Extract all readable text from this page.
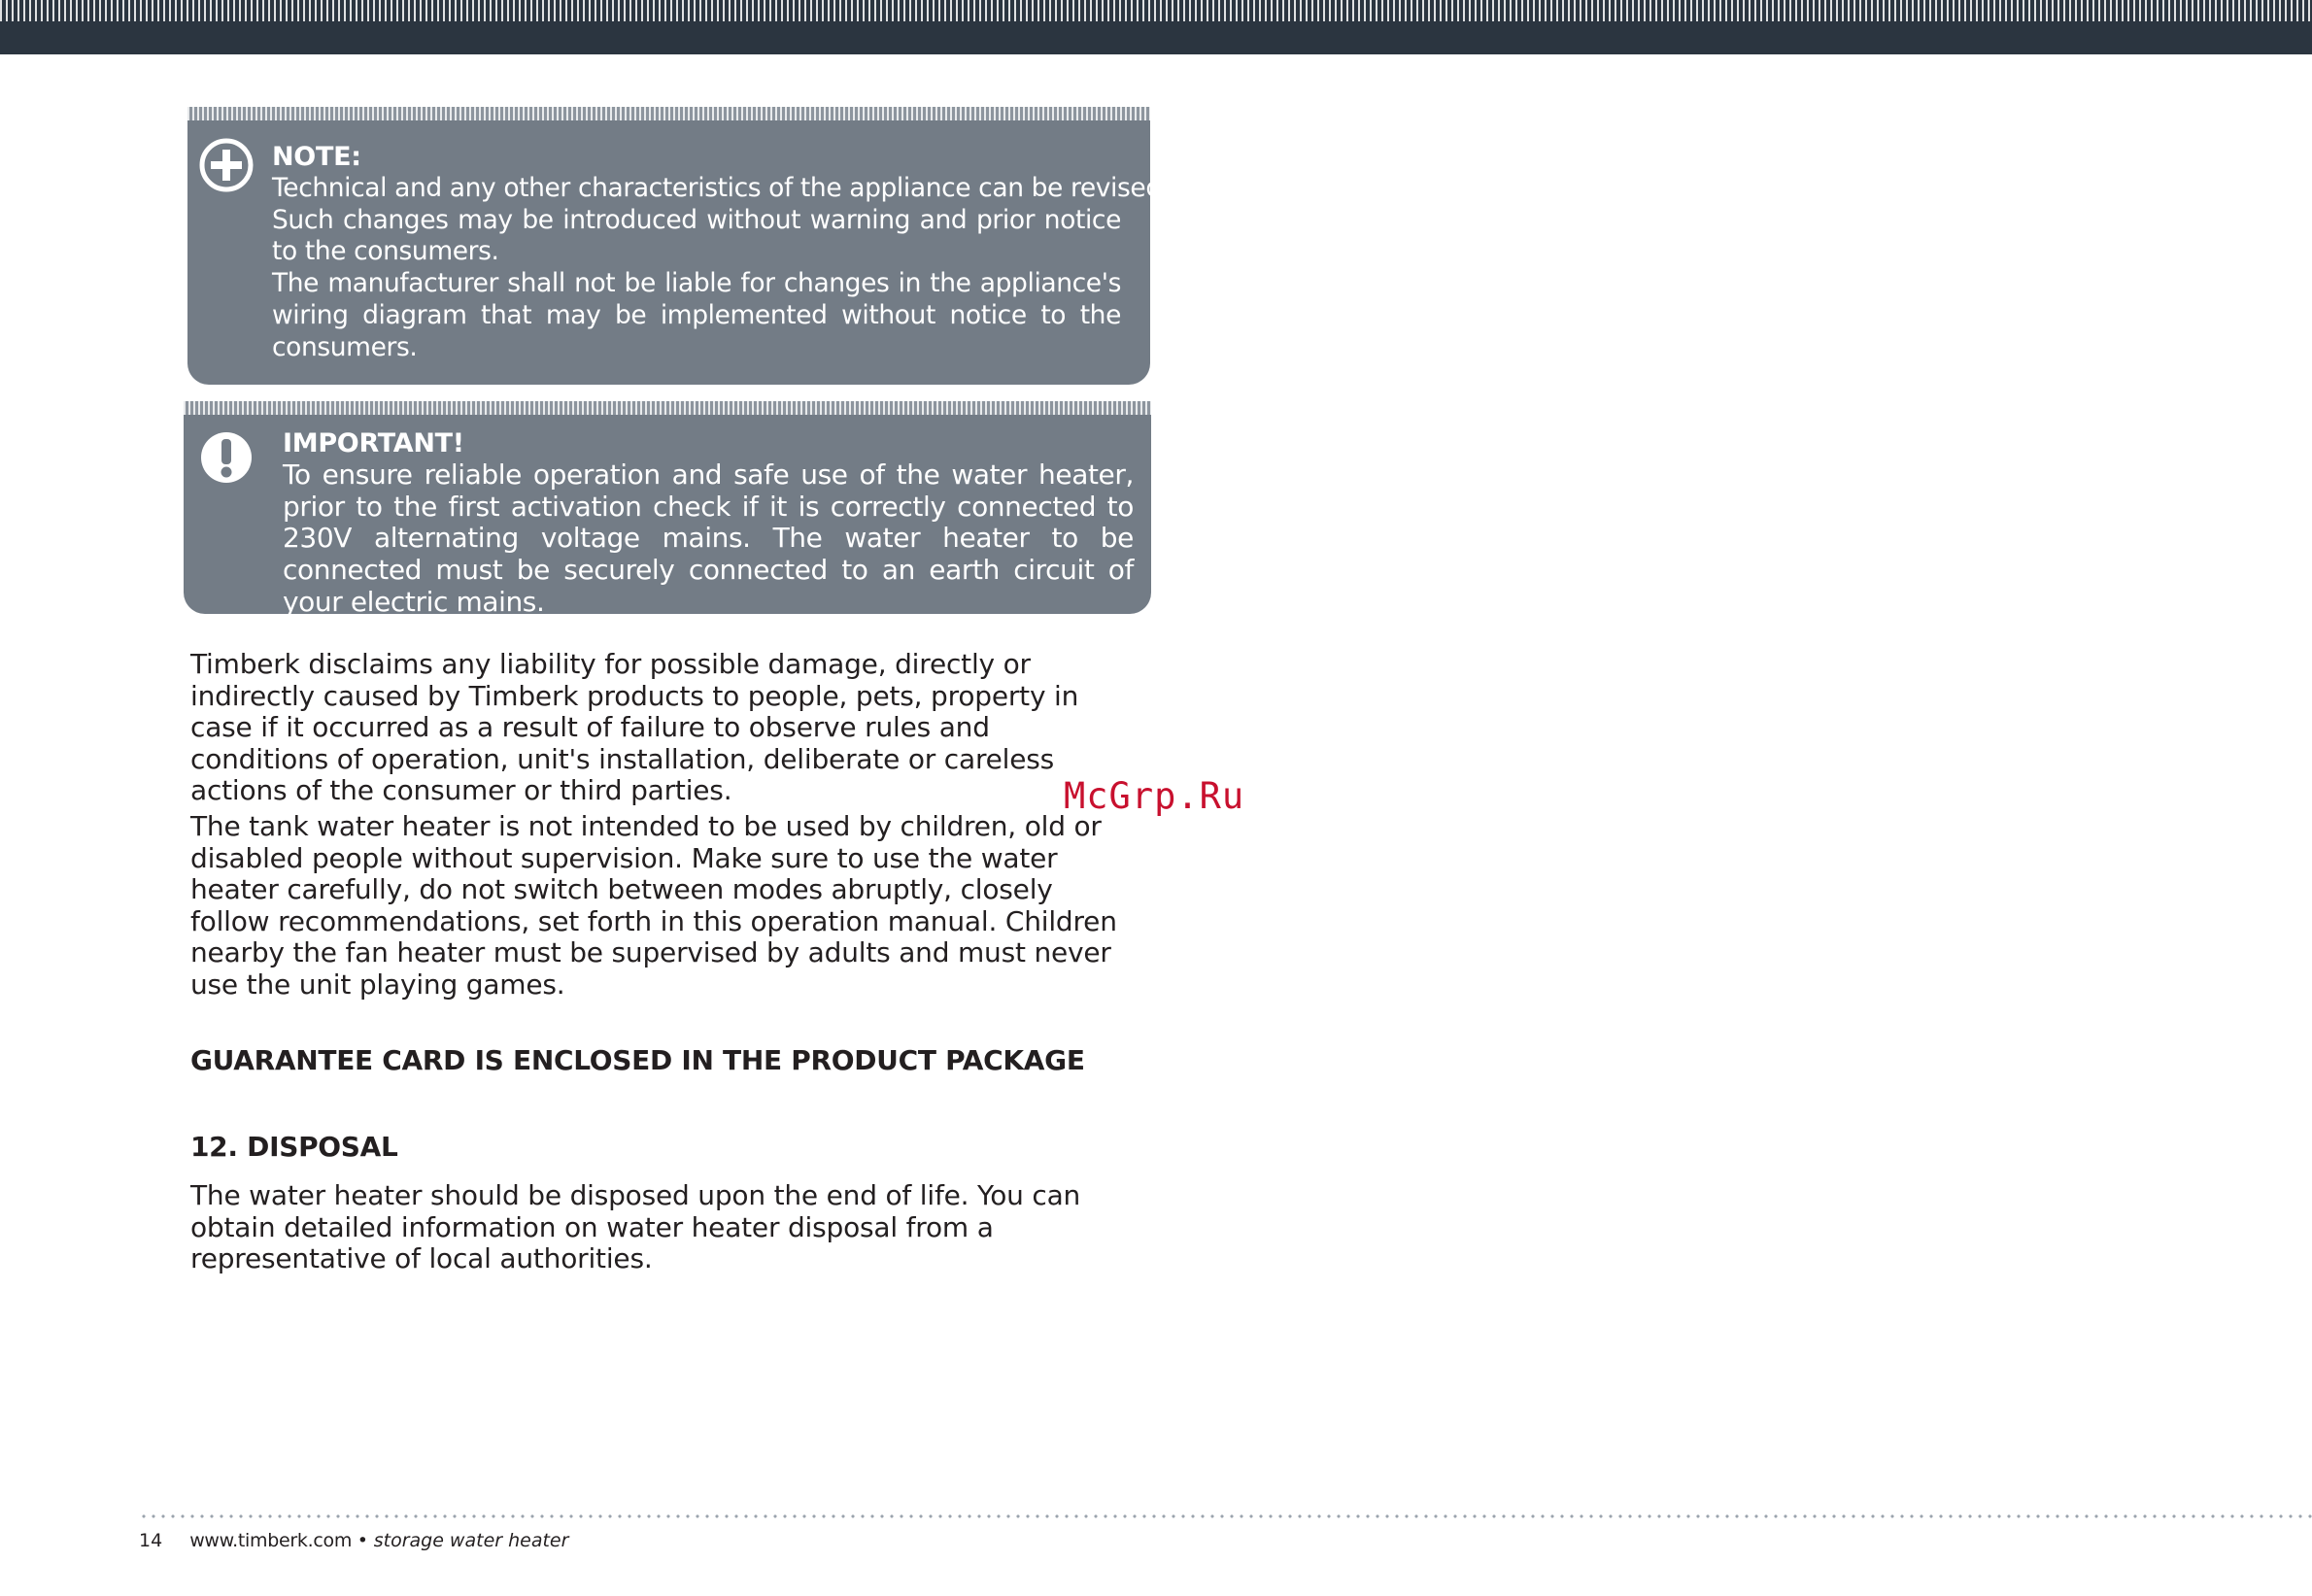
NOTE:
Technical and any other characteristics of the appliance can be revised.
Such changes may be introduced without warning and prior notice to the consumers.
The manufacturer shall not be liable for changes in the appliance's wiring diagram that may be implemented without notice to the consumers.
IMPORTANT!
To ensure reliable operation and safe use of the water heater, prior to the first activation check if it is correctly connected to 230V alternating voltage mains. The water heater to be connected must be securely connected to an earth circuit of your electric mains.
Timberk disclaims any liability for possible damage, directly or indirectly caused by Timberk products to people, pets, property in case if it occurred as a result of failure to observe rules and conditions of operation, unit's installation, deliberate or careless actions of the consumer or third parties.
The tank water heater is not intended to be used by children, old or disabled people without supervision. Make sure to use the water heater carefully, do not switch between modes abruptly, closely follow recommendations, set forth in this operation manual. Children nearby the fan heater must be supervised by adults and must never use the unit playing games.
GUARANTEE CARD IS ENCLOSED IN THE PRODUCT PACKAGE
12. DISPOSAL
The water heater should be disposed upon the end of life. You can obtain detailed information on water heater disposal from a representative of local authorities.
McGrp.Ru
14 www.timberk.com • storage water heater
